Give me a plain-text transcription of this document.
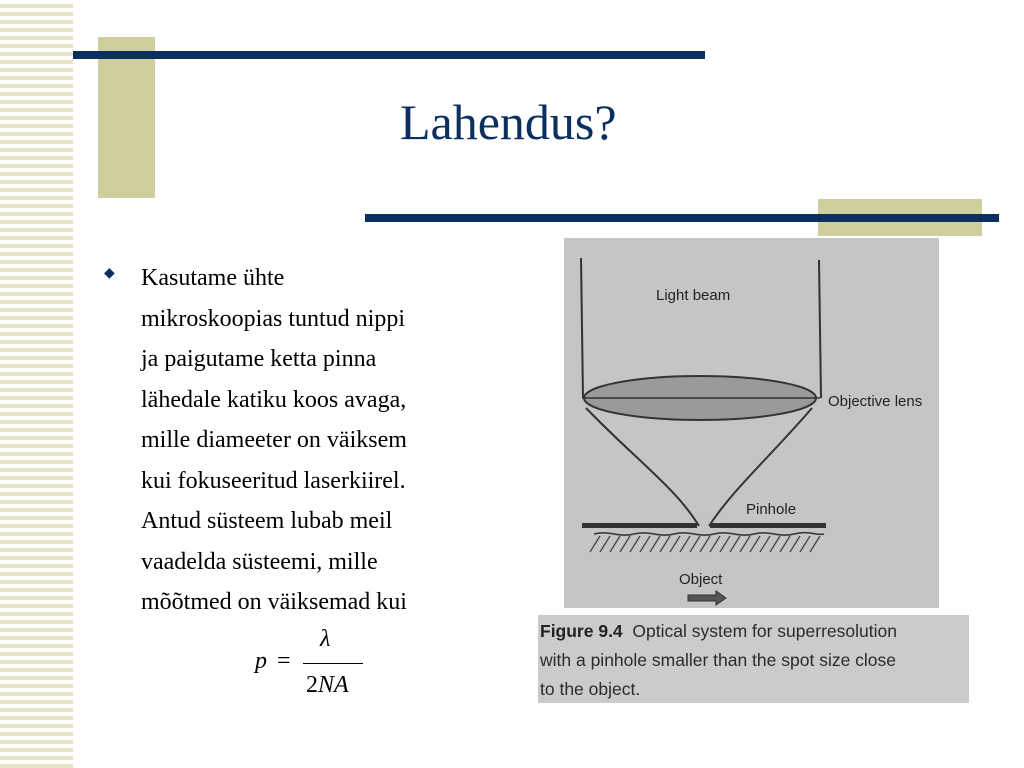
Lahendus?
◆ Kasutame ühte
mikroskoopias tuntud nippi
ja paigutame ketta pinna
lähedale katiku koos avaga,
mille diameeter on väiksem
kui fokuseeritud laserkiirel.
Antud süsteem lubab meil
vaadelda süsteemi, mille
mõõtmed on väiksemad kui
p =
λ
2NA
Light beam
Objective lens
Pinhole
Object
Figure 9.4 Optical system for superresolution
with a pinhole smaller than the spot size close
to the object.
